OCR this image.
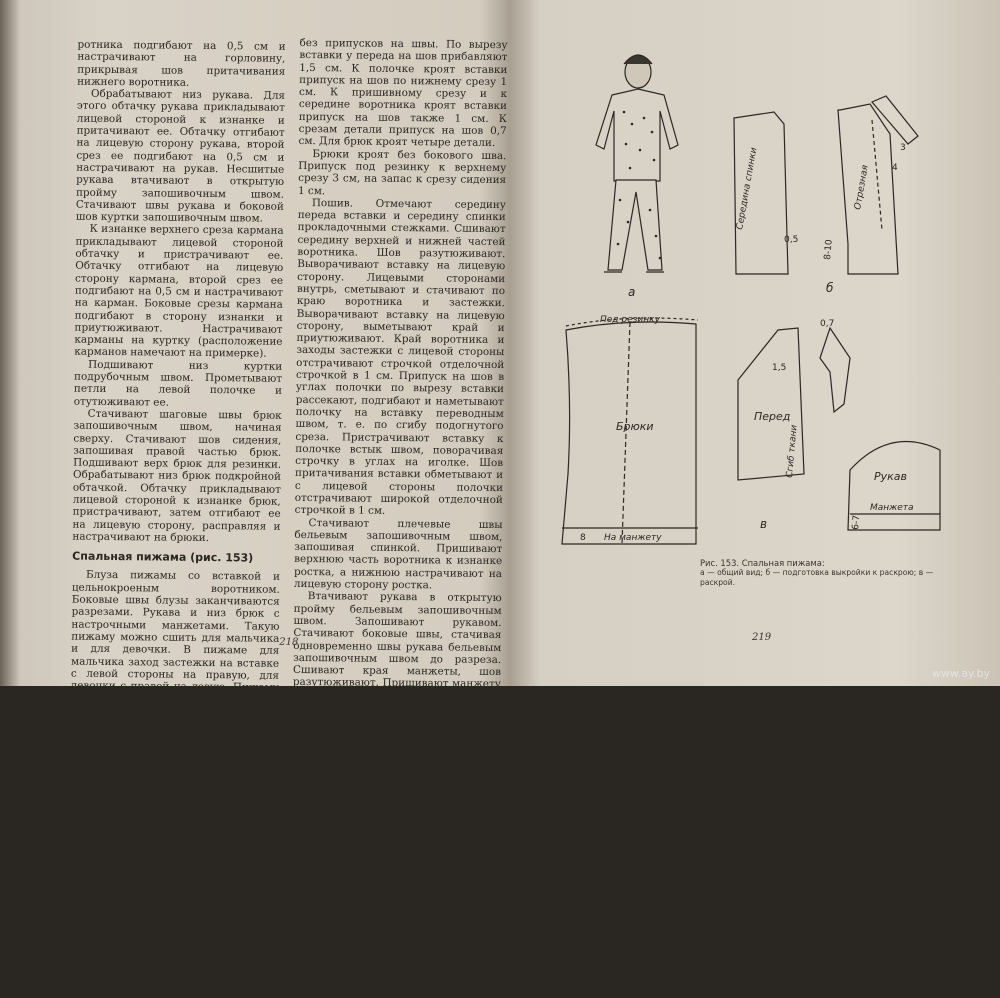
ротника подгибают на 0,5 см и настрачивают на горловину, прикрывая шов притачивания нижнего воротника.

Обрабатывают низ рукава. Для этого обтачку рукава прикладывают лицевой стороной к изнанке и притачивают ее. Обтачку отгибают на лицевую сторону рукава, второй срез ее подгибают на 0,5 см и настрачивают на рукав. Несшитые рукава втачивают в открытую пройму запошивочным швом. Стачивают швы рукава и боковой шов куртки запошивочным швом.

К изнанке верхнего среза кармана прикладывают лицевой стороной обтачку и пристрачивают ее. Обтачку отгибают на лицевую сторону кармана, второй срез ее подгибают на 0,5 см и настрачивают на карман. Боковые срезы кармана подгибают в сторону изнанки и приутюживают. Настрачивают карманы на куртку (расположение карманов намечают на примерке).

Подшивают низ куртки подрубочным швом. Прометывают петли на левой полочке и отутюживают ее.

Стачивают шаговые швы брюк запошивочным швом, начиная сверху. Стачивают шов сидения, запошивая правой частью брюк. Подшивают верх брюк для резинки. Обрабатывают низ брюк подкройной обтачкой. Обтачку прикладывают лицевой стороной к изнанке брюк, пристрачивают, затем отгибают ее на лицевую сторону, расправляя и настрачивают на брюки.

Спальная пижама (рис. 153)

Блуза пижамы со вставкой и цельнокроеным воротником. Боковые швы блузы заканчиваются разрезами. Рукава и низ брюк с настрочными манжетами. Такую пижаму можно сшить для мальчика и для девочки. В пижаме для мальчика заход застежки на вставке с левой стороны на правую, для девочки с правой на левую. Пижаму можно сшить из фланели, бумазеи, сатина, ситца и других тканей.

Подготовка выкройки к раскрою (рис. 153, б). Блузу кроят по выкройке верхней рубашки для мальчика. Длина разреза по боку 8—10 см. Ширина вставки по плечу 3 см, внизу 4 см, длина ее ниже линии груди на 5 см. Воротник кроят вместе со вставкой. Ширина его в отлетах 8 см, посередине 7 см. Ширина манжеты 6—7 см.

Брюки кроят по выкройке брюк для мальчика. Выкройку задней и передней частей брюк складывают по боковому срезу, совмещая срезы выкройки от низа до бедер.

Раскрой (рис. 153, в). Спинку и рукава кроят

без припусков на швы. По вырезу вставки у переда на шов прибавляют 1,5 см. К полочке кроят вставки припуск на шов по нижнему срезу 1 см. К пришивному срезу и к середине воротника кроят вставки припуск на шов также 1 см. К срезам детали припуск на шов 0,7 см. Для брюк кроят четыре детали.

Брюки кроят без бокового шва. Припуск под резинку к верхнему срезу 3 см, на запас к срезу сидения 1 см.

Пошив. Отмечают середину переда вставки и середину спинки прокладочными стежками. Сшивают середину верхней и нижней частей воротника. Шов разутюживают. Выворачивают вставку на лицевую сторону. Лицевыми сторонами внутрь, сметывают и стачивают по краю воротника и застежки. Выворачивают вставку на лицевую сторону, выметывают край и приутюживают. Край воротника и заходы застежки с лицевой стороны отстрачивают строчкой отделочной строчкой в 1 см. Припуск на шов в углах полочки по вырезу вставки рассекают, подгибают и наметывают полочку на вставку переводным швом, т. е. по сгибу подогнутого среза. Пристрачивают вставку к полочке встык швом, поворачивая строчку в углах на иголке. Шов притачивания вставки обметывают и с лицевой стороны полочки отстрачивают широкой отделочной строчкой в 1 см.

Стачивают плечевые швы бельевым запошивочным швом, запошивая спинкой. Пришивают верхнюю часть воротника к изнанке ростка, а нижнюю настрачивают на лицевую сторону ростка.

Втачивают рукава в открытую пройму бельевым запошивочным швом. Запошивают рукавом. Стачивают боковые швы, стачивая одновременно швы рукава бельевым запошивочным швом до разреза. Сшивают края манжеты, шов разутюживают. Пришивают манжету лицевой стороной к изнанке нижнего среза рукава. Отгибают манжету на лицевую сторону, выметывают край, второй срез манжеты подгибают внутрь и настрачивают на рукав на 1 см от сгиба.

Стачивают шов обтачек выше разреза, шов разутюживают. Обтачку лицевой стороной пристрачивают к лицевой стороне разреза от конца его до низа, перестрачивая обтачки поперек на уровне подшивки низа. Второй срез обтачек при этом подгибают в сторону изнанки на 0,5 см. Отгибают обтачки и припуск на подшивку низа в сторону изнанки блузы, выметывают край, второй срез обтачек и срез припуска на подшивку подгибают на 0,5 см и настрачивают на 0,1—0,2 см от края.

Брюки шьют бельевым запошивочным швом. Стачивают шаговые швы, а также шов сиде-

218
а	б
в
Середина спинки	Отрезная
8-10
Под резинку
Брюки
На манжету
Перед
Сгиб ткани	Рукав
Манжета
8
1,5
0,7
4
3
0,5
6-7
Рис. 153. Спальная пижама:
а — общий вид; б — подготовка выкройки к раскрою; в — раскрой.
219
www.ay.by
